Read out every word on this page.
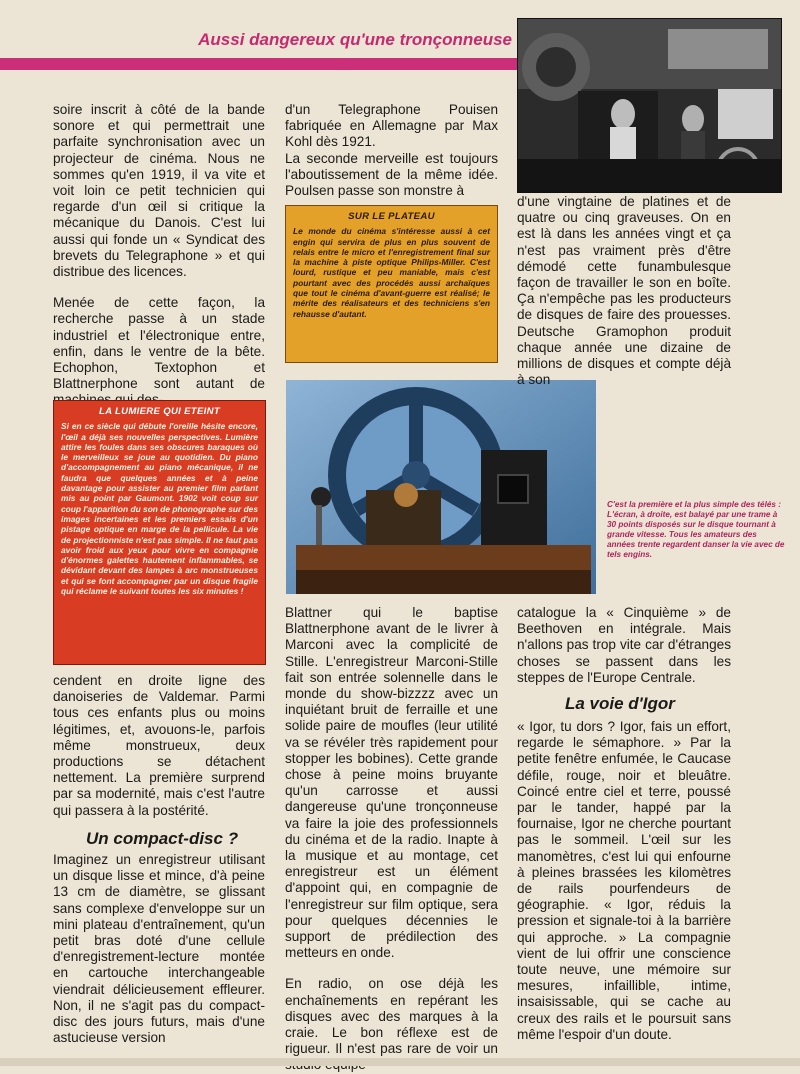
Aussi dangereux qu'une tronçonneuse

soire inscrit à côté de la bande sonore et qui permettrait une parfaite synchronisation avec un projecteur de cinéma. Nous ne sommes qu'en 1919, il va vite et voit loin ce petit technicien qui regarde d'un œil si critique la mécanique du Danois. C'est lui aussi qui fonde un « Syndicat des brevets du Telegraphone » et qui distribue des licences.

Menée de cette façon, la recherche passe à un stade industriel et l'électronique entre, enfin, dans le ventre de la bête. Echophon, Textophon et Blattnerphone sont autant de

LA LUMIERE QUI ETEINT
Si en ce siècle qui débute l'oreille hésite encore, l'œil a déjà ses nouvelles perspectives. Lumière attire les foules dans ses obscures baraques où le merveilleux se joue au quotidien. Du piano d'accompagnement au piano mécanique, il ne faudra que quelques années et à peine davantage pour assister au premier film parlant mis au point par Gaumont. 1902 voit coup sur coup l'apparition du son de phonographe sur des images incertaines et les premiers essais d'un pistage optique en marge de la pellicule. La vie de projectionniste n'est pas simple. Il ne faut pas avoir froid aux yeux pour vivre en compagnie d'énormes galettes hautement inflammables, se dévidant devant des lampes à arc monstrueuses et qui se font accompagner par un disque fragile qui réclame le suivant toutes les six minutes !

cendent en droite ligne des danoiseries de Valdemar. Parmi tous ces enfants plus ou moins légitimes, et, avouons-le, parfois même monstrueux, deux productions se détachent nettement. La première surprend par sa modernité, mais c'est l'autre qui passera à la postérité.

Un compact-disc ?

Imaginez un enregistreur utilisant un disque lisse et mince, d'à peine 13 cm de diamètre, se glissant sans complexe d'enveloppe sur un mini plateau d'entraînement, qu'un petit bras doté d'une cellule d'enregistrement-lecture montée en cartouche interchangeable viendrait délicieusement effleurer. Non, il ne s'agit pas du compact-disc des jours futurs, mais d'une astucieuse version

d'un Telegraphone Pouisen fabriquée en Allemagne par Max Kohl dès 1921.

La seconde merveille est toujours l'aboutissement de la même idée. Poulsen passe son monstre à

SUR LE PLATEAU
Le monde du cinéma s'intéresse aussi à cet engin qui servira de plus en plus souvent de relais entre le micro et l'enregistrement final sur la machine à piste optique Philips-Miller. C'est lourd, rustique et peu maniable, mais c'est pourtant avec des procédés aussi archaïques que tout le cinéma d'avant-guerre est réalisé; le mérite des réalisateurs et des techniciens s'en rehausse d'autant.
C'est la première et la plus simple des télés : L'écran, à droite, est balayé par une trame à 30 points disposés sur le disque tournant à grande vitesse. Tous les amateurs des années trente regardent danser la vie avec de tels engins.

Blattner qui le baptise Blattnerphone avant de le livrer à Marconi avec la complicité de Stille. L'enregistreur Marconi-Stille fait son entrée solennelle dans le monde du show-bizzzz avec un inquiétant bruit de ferraille et une solide paire de moufles (leur utilité va se révéler très rapidement pour stopper les bobines). Cette grande chose à peine moins bruyante qu'un carrosse et aussi dangereuse qu'une tronçonneuse va faire la joie des professionnels du cinéma et de la radio. Inapte à la musique et au montage, cet enregistreur est un élément d'appoint qui, en compagnie de l'enregistreur sur film optique, sera pour quelques décennies le support de prédilection des metteurs en onde.

En radio, on ose déjà les enchaînements en repérant les disques avec des marques à la craie. Le bon réflexe est de rigueur. Il n'est pas rare de voir un

d'une vingtaine de platines et de quatre ou cinq graveuses. On en est là dans les années vingt et ça n'est pas vraiment près d'être démodé cette funambulesque façon de travailler le son en boîte. Ça n'empêche pas les producteurs de disques de faire des prouesses. Deutsche Gramophon produit chaque année une dizaine de millions de disques et compte déjà à son

catalogue la « Cinquième » de Beethoven en intégrale. Mais n'allons pas trop vite car d'étranges choses se passent dans les steppes de l'Europe Centrale.

La voie d'Igor

« Igor, tu dors ? Igor, fais un effort, regarde le sémaphore. » Par la petite fenêtre enfumée, le Caucase défile, rouge, noir et bleuâtre. Coincé entre ciel et terre, poussé par le tander, happé par la fournaise, Igor ne cherche pourtant pas le sommeil. L'œil sur les manomètres, c'est lui qui enfourne à pleines brassées les kilomètres de rails pourfendeurs de géographie. « Igor, réduis la pression et signale-toi à la barrière qui approche. » La compagnie vient de lui offrir une conscience toute neuve, une mémoire sur mesures, infaillible, intime, insaisissable, qui se cache au creux des rails et le poursuit sans même l'espoir d'un doute.
